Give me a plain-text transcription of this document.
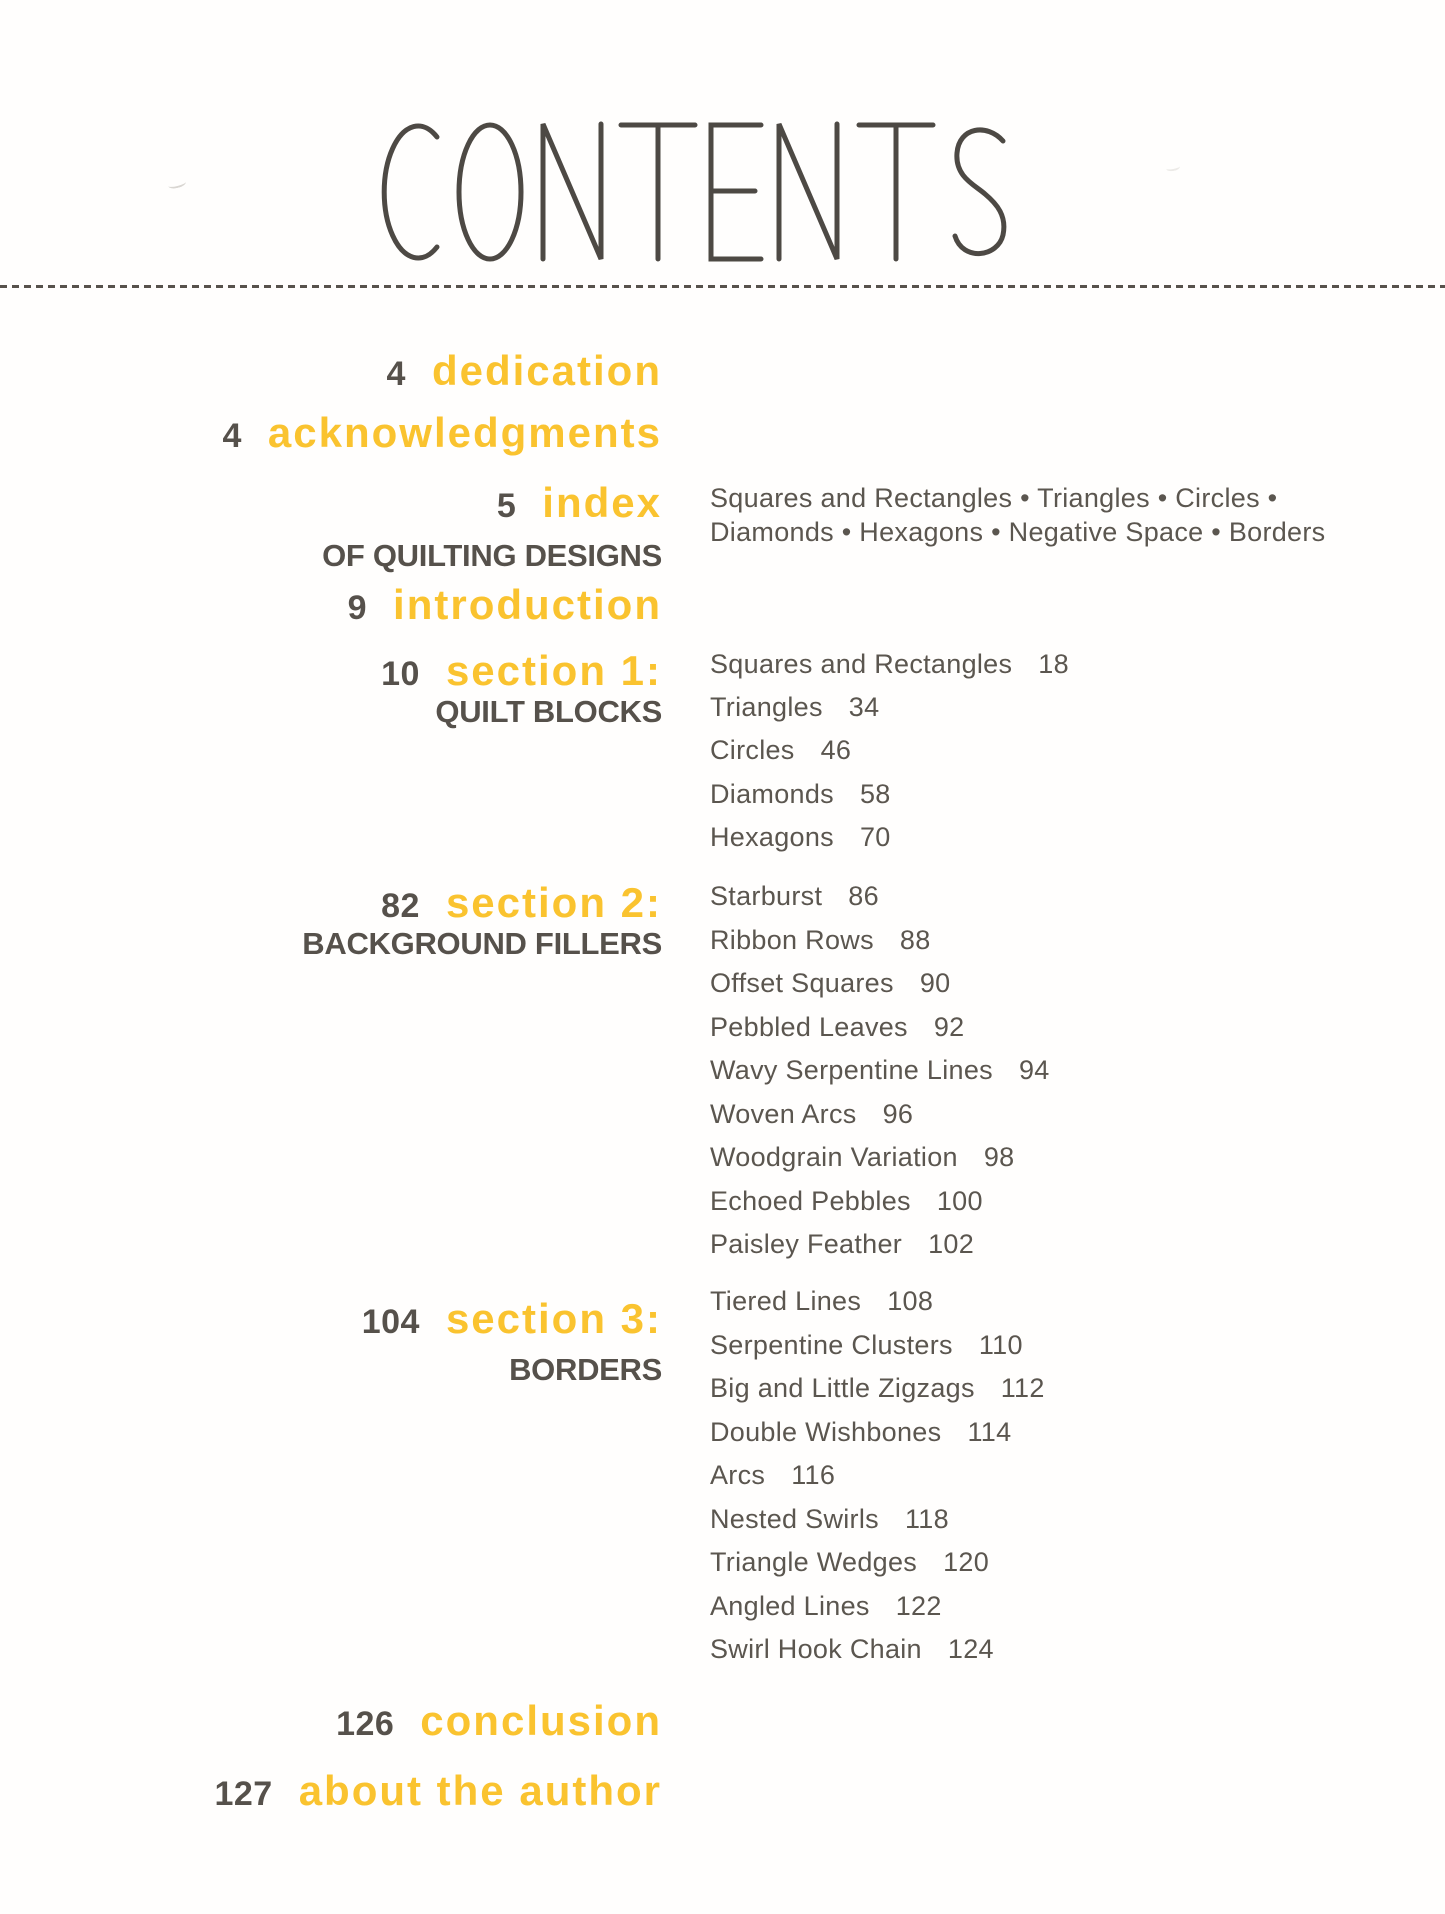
4 dedication
4 acknowledgments
5 index
OF QUILTING DESIGNS
9 introduction
10 section 1:
QUILT BLOCKS
82 section 2:
BACKGROUND FILLERS
104 section 3:
BORDERS
126 conclusion
127 about the author
Squares and Rectangles • Triangles • Circles •
Diamonds • Hexagons • Negative Space • Borders
Squares and Rectangles 18
Triangles 34
Circles 46
Diamonds 58
Hexagons 70
Starburst 86
Ribbon Rows 88
Offset Squares 90
Pebbled Leaves 92
Wavy Serpentine Lines 94
Woven Arcs 96
Woodgrain Variation 98
Echoed Pebbles 100
Paisley Feather 102
Tiered Lines 108
Serpentine Clusters 110
Big and Little Zigzags 112
Double Wishbones 114
Arcs 116
Nested Swirls 118
Triangle Wedges 120
Angled Lines 122
Swirl Hook Chain 124
